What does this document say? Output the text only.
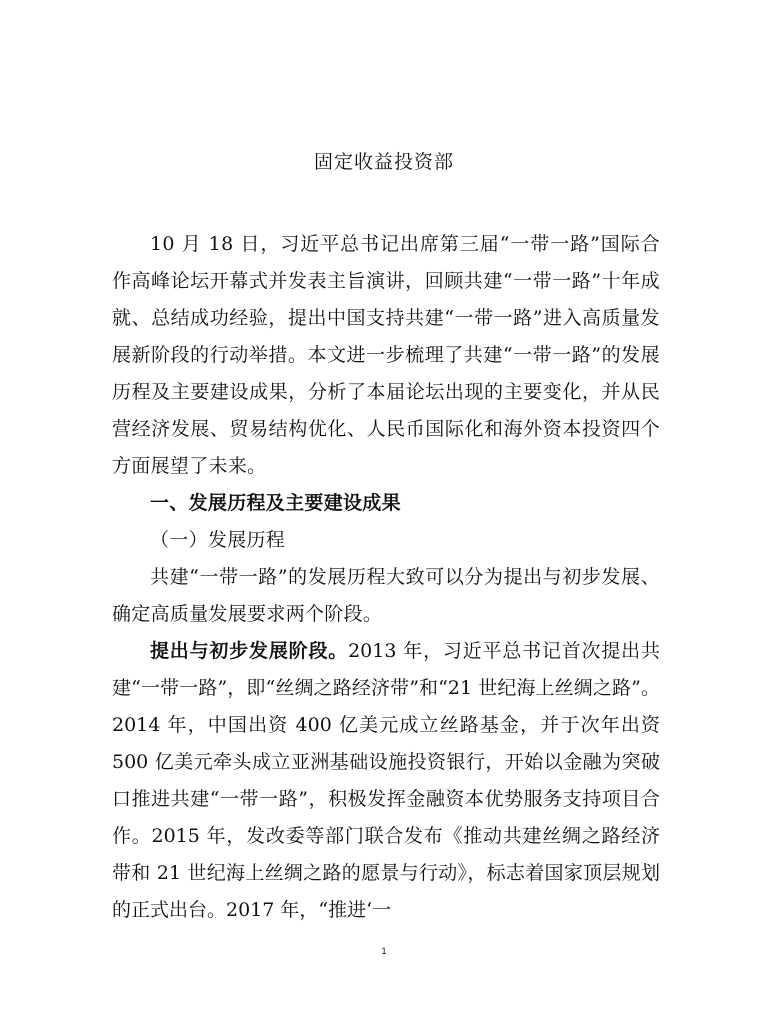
固定收益投资部

10 月 18 日，习近平总书记出席第三届“一带一路”国际合作高峰论坛开幕式并发表主旨演讲，回顾共建“一带一路”十年成就、总结成功经验，提出中国支持共建“一带一路”进入高质量发展新阶段的行动举措。本文进一步梳理了共建“一带一路”的发展历程及主要建设成果，分析了本届论坛出现的主要变化，并从民营经济发展、贸易结构优化、人民币国际化和海外资本投资四个方面展望了未来。

一、发展历程及主要建设成果

（一）发展历程

共建“一带一路”的发展历程大致可以分为提出与初步发展、确定高质量发展要求两个阶段。

提出与初步发展阶段。2013 年，习近平总书记首次提出共建“一带一路”，即“丝绸之路经济带”和“21 世纪海上丝绸之路”。2014 年，中国出资 400 亿美元成立丝路基金，并于次年出资 500 亿美元牵头成立亚洲基础设施投资银行，开始以金融为突破口推进共建“一带一路”，积极发挥金融资本优势服务支持项目合作。2015 年，发改委等部门联合发布《推动共建丝绸之路经济带和 21 世纪海上丝绸之路的愿景与行动》，标志着国家顶层规划的正式出台。2017 年，“推进‘一

1
